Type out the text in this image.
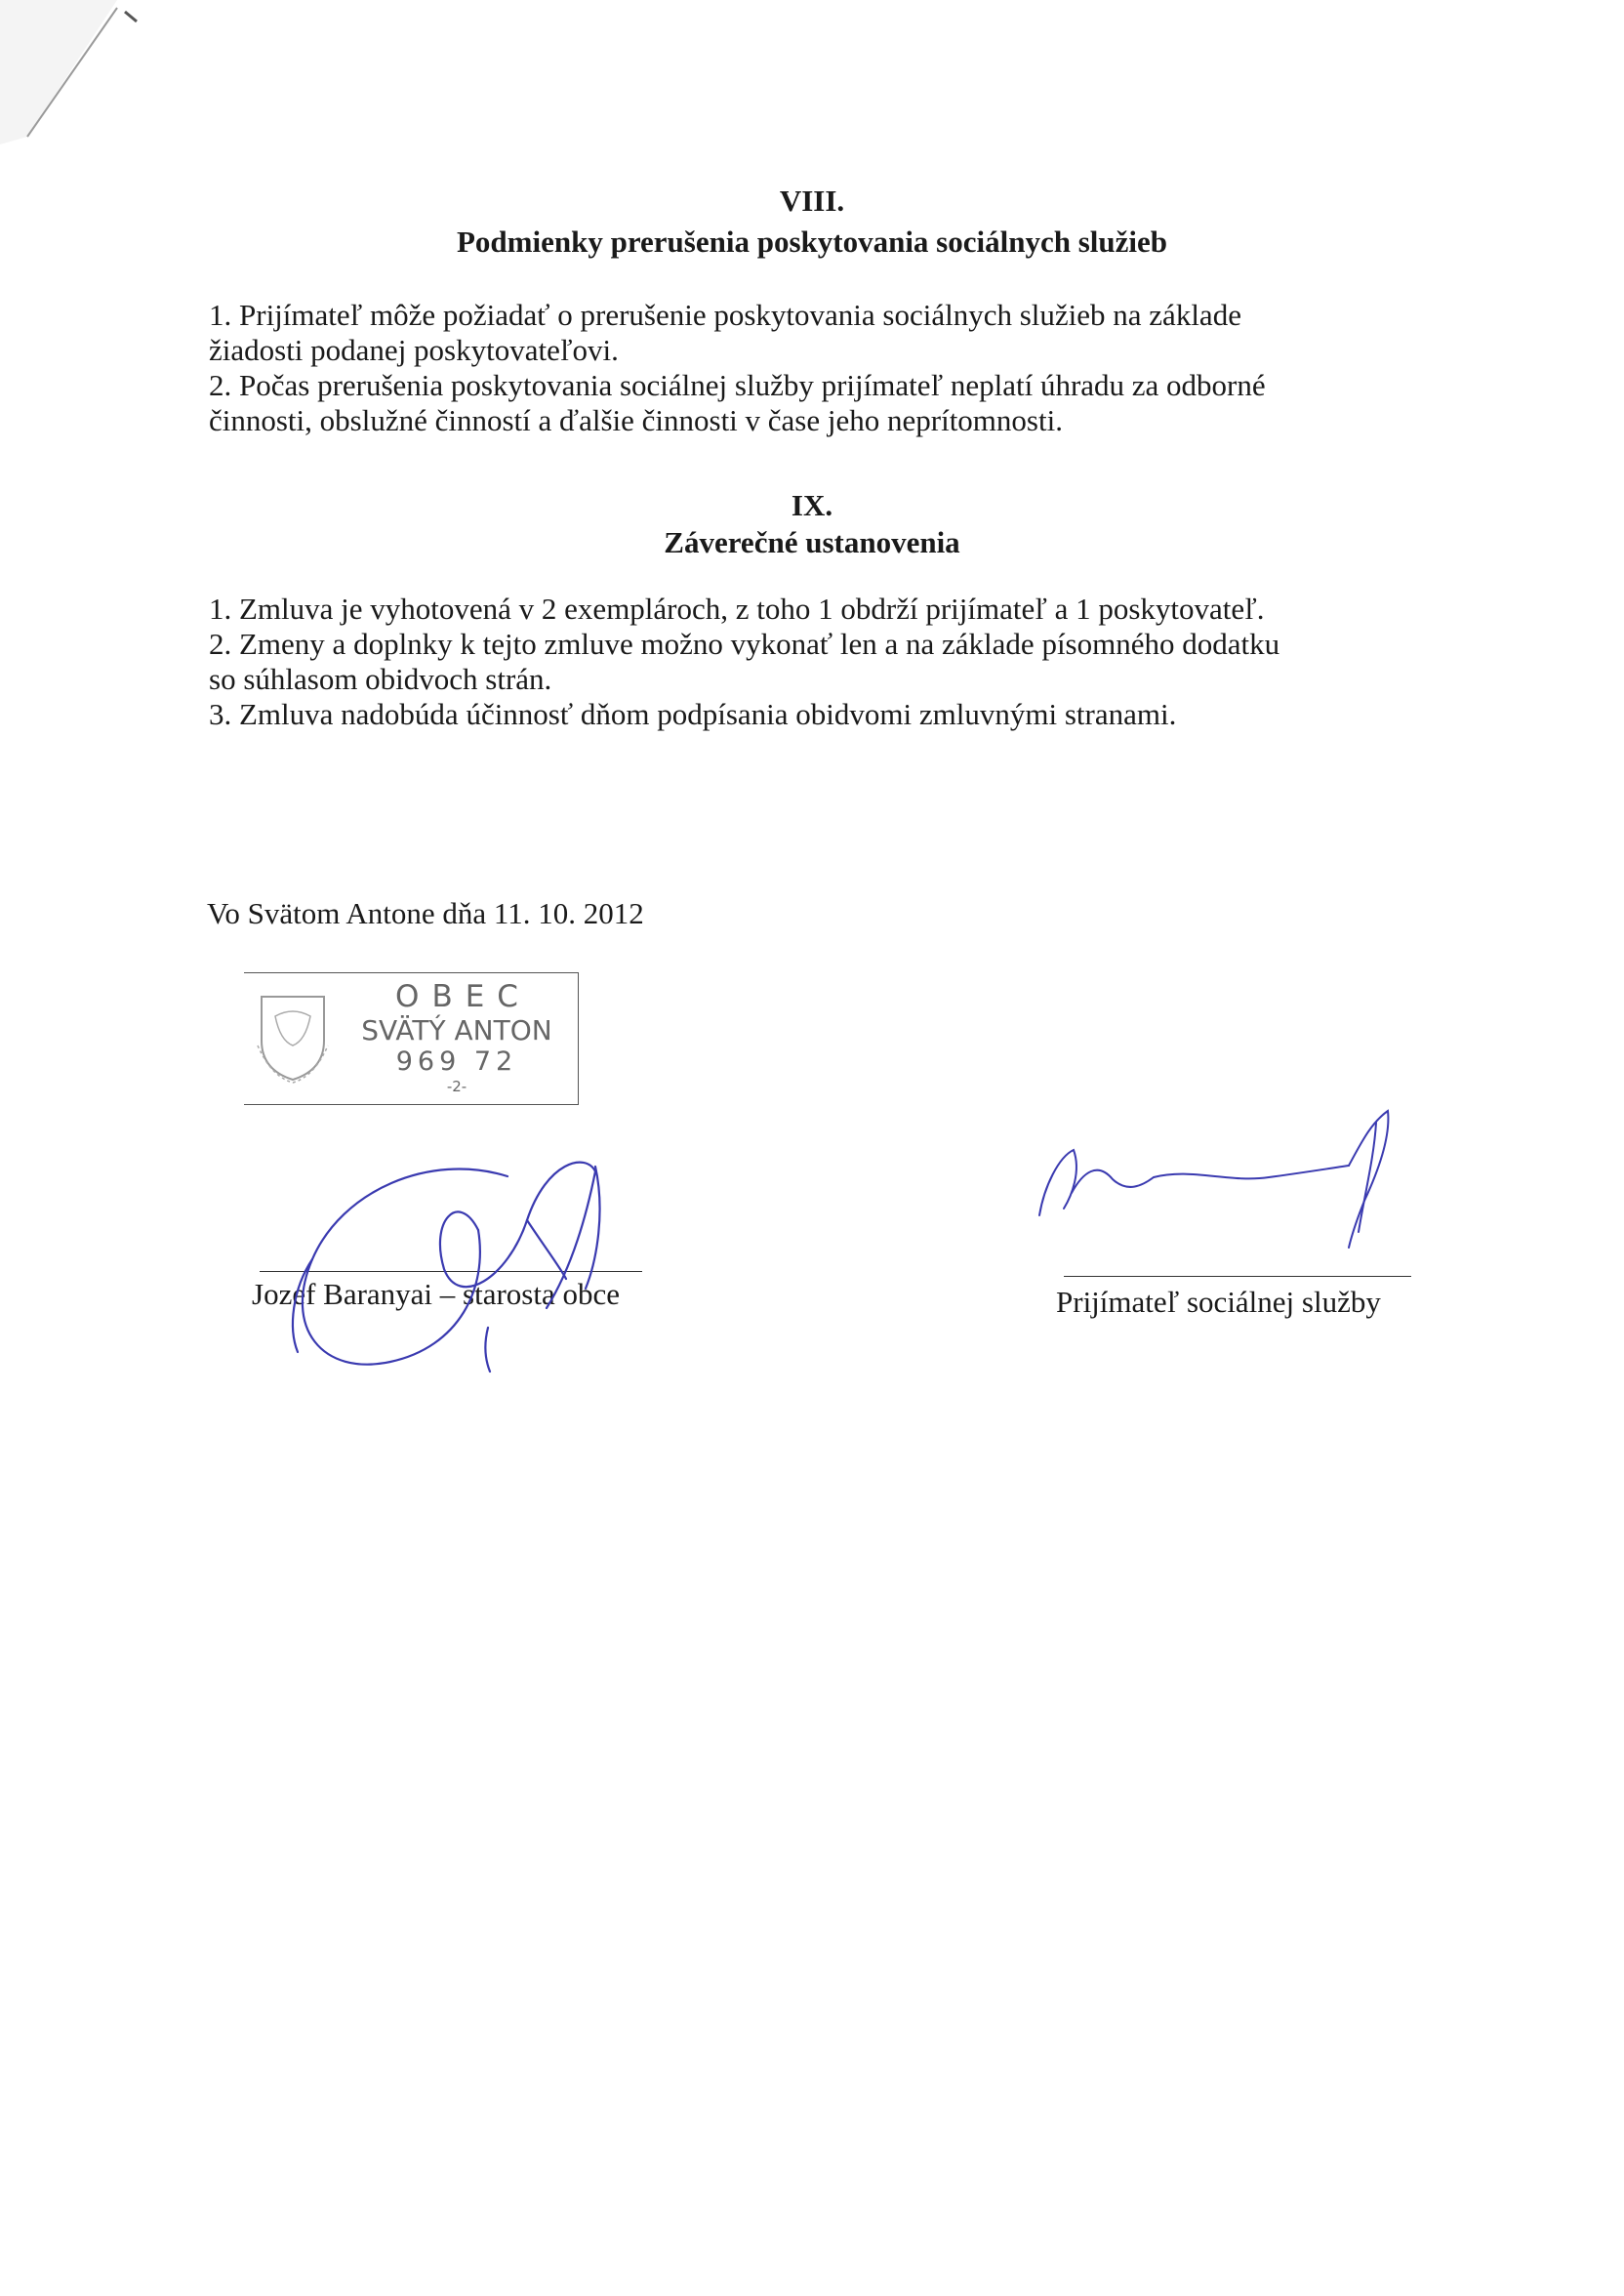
VIII.
Podmienky prerušenia poskytovania sociálnych služieb

1. Prijímateľ môže požiadať o prerušenie poskytovania sociálnych služieb na základe

žiadosti podanej poskytovateľovi.

2. Počas prerušenia poskytovania sociálnej služby prijímateľ neplatí úhradu za odborné

činnosti, obslužné činností a ďalšie činnosti v čase jeho neprítomnosti.

IX.
Záverečné ustanovenia

1. Zmluva je vyhotovená v 2 exemplároch, z toho 1 obdrží prijímateľ a 1 poskytovateľ.

2. Zmeny a doplnky k tejto zmluve možno vykonať len a na základe písomného dodatku

so súhlasom obidvoch strán.

3. Zmluva nadobúda účinnosť dňom podpísania obidvomi zmluvnými stranami.

Vo Svätom Antone dňa 11. 10. 2012
OBEC
SVÄTÝ ANTON
969 72
-2-
Jozef Baranyai – starosta obce	Prijímateľ sociálnej služby
